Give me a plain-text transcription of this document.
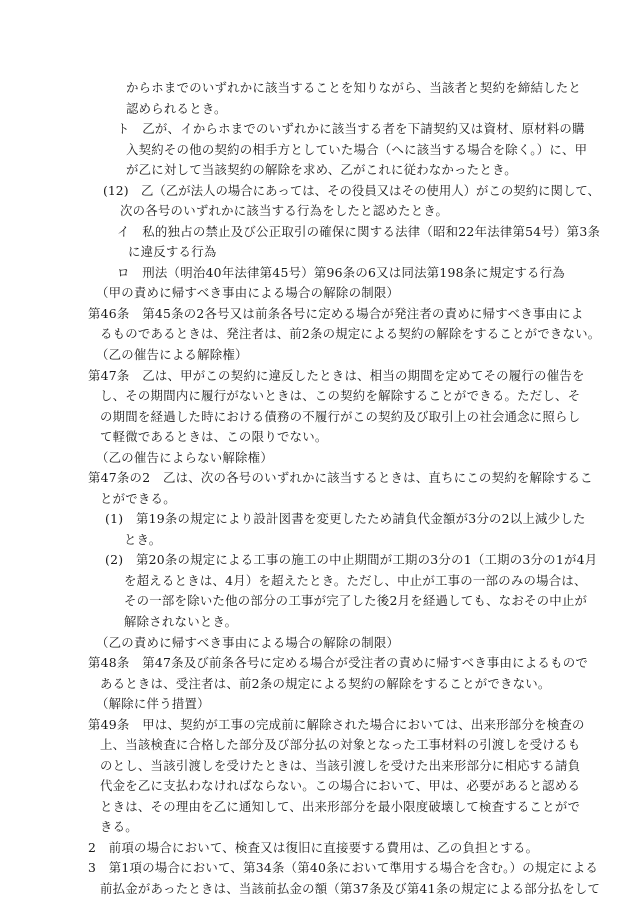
からホまでのいずれかに該当することを知りながら、当該者と契約を締結したと
認められるとき。
ト　乙が、イからホまでのいずれかに該当する者を下請契約又は資材、原材料の購
入契約その他の契約の相手方としていた場合（へに該当する場合を除く。）に、甲
が乙に対して当該契約の解除を求め、乙がこれに従わなかったとき。
(12)　乙（乙が法人の場合にあっては、その役員又はその使用人）がこの契約に関して、
次の各号のいずれかに該当する行為をしたと認めたとき。
イ　私的独占の禁止及び公正取引の確保に関する法律（昭和22年法律第54号）第3条
に違反する行為
ロ　刑法（明治40年法律第45号）第96条の6又は同法第198条に規定する行為
（甲の責めに帰すべき事由による場合の解除の制限）
第46条　第45条の2各号又は前条各号に定める場合が発注者の責めに帰すべき事由によ
るものであるときは、発注者は、前2条の規定による契約の解除をすることができない。
（乙の催告による解除権）
第47条　乙は、甲がこの契約に違反したときは、相当の期間を定めてその履行の催告を
し、その期間内に履行がないときは、この契約を解除することができる。ただし、そ
の期間を経過した時における債務の不履行がこの契約及び取引上の社会通念に照らし
て軽微であるときは、この限りでない。
（乙の催告によらない解除権）
第47条の2　乙は、次の各号のいずれかに該当するときは、直ちにこの契約を解除するこ
とができる。
(1)　第19条の規定により設計図書を変更したため請負代金額が3分の2以上減少した
とき。
(2)　第20条の規定による工事の施工の中止期間が工期の3分の1（工期の3分の1が4月
を超えるときは、4月）を超えたとき。ただし、中止が工事の一部のみの場合は、
その一部を除いた他の部分の工事が完了した後2月を経過しても、なおその中止が
解除されないとき。
（乙の責めに帰すべき事由による場合の解除の制限）
第48条　第47条及び前条各号に定める場合が受注者の責めに帰すべき事由によるもので
あるときは、受注者は、前2条の規定による契約の解除をすることができない。
（解除に伴う措置）
第49条　甲は、契約が工事の完成前に解除された場合においては、出来形部分を検査の
上、当該検査に合格した部分及び部分払の対象となった工事材料の引渡しを受けるも
のとし、当該引渡しを受けたときは、当該引渡しを受けた出来形部分に相応する請負
代金を乙に支払わなければならない。この場合において、甲は、必要があると認める
ときは、その理由を乙に通知して、出来形部分を最小限度破壊して検査することがで
きる。
2　前項の場合において、検査又は復旧に直接要する費用は、乙の負担とする。
3　第1項の場合において、第34条（第40条において準用する場合を含む。）の規定による
前払金があったときは、当該前払金の額（第37条及び第41条の規定による部分払をして
